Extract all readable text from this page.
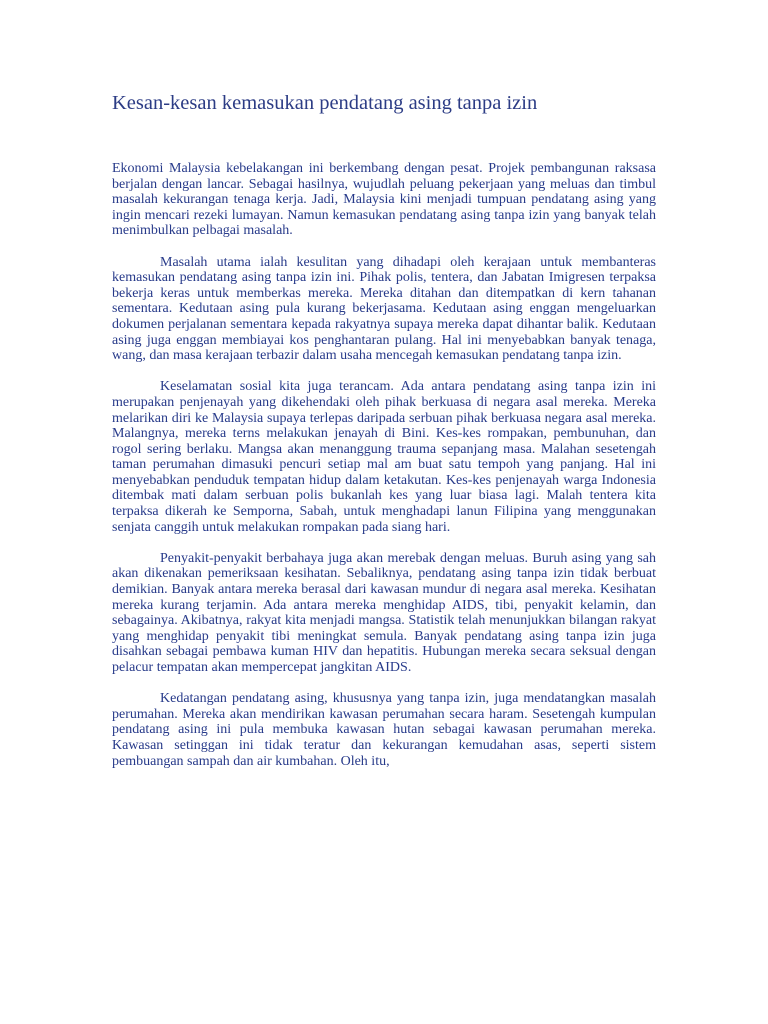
Kesan-kesan kemasukan pendatang asing tanpa izin

Ekonomi Malaysia kebelakangan ini berkembang dengan pesat. Projek pembangunan raksasa berjalan dengan lancar. Sebagai hasilnya, wujudlah peluang pekerjaan yang meluas dan timbul masalah kekurangan tenaga kerja. Jadi, Malaysia kini menjadi tumpuan pendatang asing yang ingin mencari rezeki lumayan. Namun kemasukan pendatang asing tanpa izin yang banyak telah menimbulkan pelbagai masalah.

Masalah utama ialah kesulitan yang dihadapi oleh kerajaan untuk membanteras kemasukan pendatang asing tanpa izin ini. Pihak polis, tentera, dan Jabatan Imigresen terpaksa bekerja keras untuk memberkas mereka. Mereka ditahan dan ditempatkan di kern tahanan sementara. Kedutaan asing pula kurang bekerjasama. Kedutaan asing enggan mengeluarkan dokumen perjalanan sementara kepada rakyatnya supaya mereka dapat dihantar balik. Kedutaan asing juga enggan membiayai kos penghantaran pulang. Hal ini menyebabkan banyak tenaga, wang, dan masa kerajaan terbazir dalam usaha mencegah kemasukan pendatang tanpa izin.

Keselamatan sosial kita juga terancam. Ada antara pendatang asing tanpa izin ini merupakan penjenayah yang dikehendaki oleh pihak berkuasa di negara asal mereka. Mereka melarikan diri ke Malaysia supaya terlepas daripada serbuan pihak berkuasa negara asal mereka. Malangnya, mereka terns melakukan jenayah di Bini. Kes-kes rompakan, pembunuhan, dan rogol sering berlaku. Mangsa akan menanggung trauma sepanjang masa. Malahan sesetengah taman perumahan dimasuki pencuri setiap mal am buat satu tempoh yang panjang. Hal ini menyebabkan penduduk tempatan hidup dalam ketakutan. Kes-kes penjenayah warga Indonesia ditembak mati dalam serbuan polis bukanlah kes yang luar biasa lagi. Malah tentera kita terpaksa dikerah ke Semporna, Sabah, untuk menghadapi lanun Filipina yang menggunakan senjata canggih untuk melakukan rompakan pada siang hari.

Penyakit-penyakit berbahaya juga akan merebak dengan meluas. Buruh asing yang sah akan dikenakan pemeriksaan kesihatan. Sebaliknya, pendatang asing tanpa izin tidak berbuat demikian. Banyak antara mereka berasal dari kawasan mundur di negara asal mereka. Kesihatan mereka kurang terjamin. Ada antara mereka menghidap AIDS, tibi, penyakit kelamin, dan sebagainya. Akibatnya, rakyat kita menjadi mangsa. Statistik telah menunjukkan bilangan rakyat yang menghidap penyakit tibi meningkat semula. Banyak pendatang asing tanpa izin juga disahkan sebagai pembawa kuman HIV dan hepatitis. Hubungan mereka secara seksual dengan pelacur tempatan akan mempercepat jangkitan AIDS.

Kedatangan pendatang asing, khususnya yang tanpa izin, juga mendatangkan masalah perumahan. Mereka akan mendirikan kawasan perumahan secara haram. Sesetengah kumpulan pendatang asing ini pula membuka kawasan hutan sebagai kawasan perumahan mereka. Kawasan setinggan ini tidak teratur dan kekurangan kemudahan asas, seperti sistem pembuangan sampah dan air kumbahan. Oleh itu,
